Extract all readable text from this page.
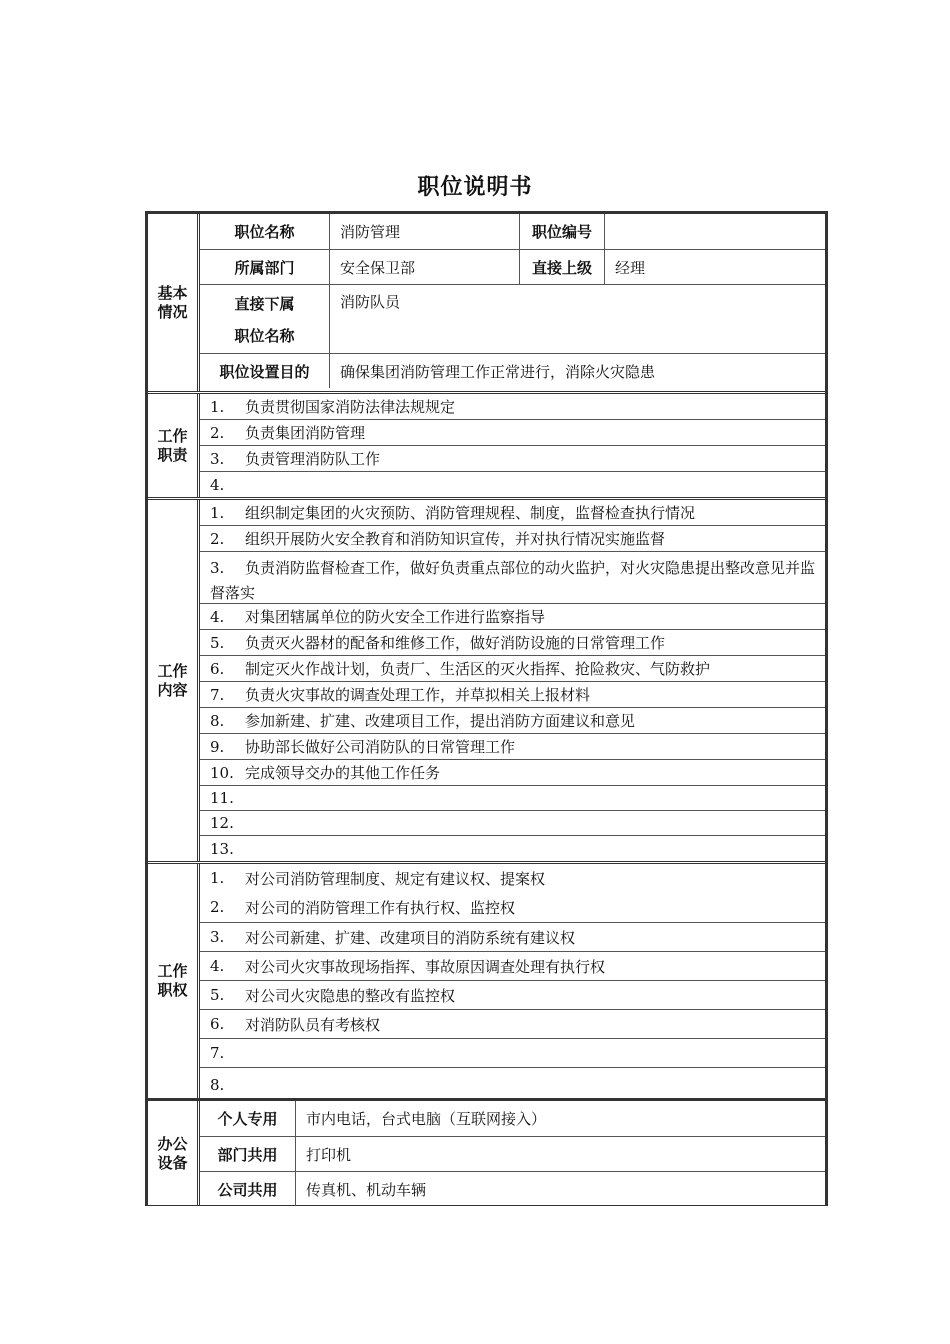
职位说明书
基本
情况
职位名称	消防管理	职位编号
所属部门	安全保卫部	直接上级	经理
直接下属
职位名称
消防队员
职位设置目的	确保集团消防管理工作正常进行，消除火灾隐患
工作
职责
1.	负责贯彻国家消防法律法规规定
2.	负责集团消防管理
3.	负责管理消防队工作
4.
工作
内容
1.	组织制定集团的火灾预防、消防管理规程、制度，监督检查执行情况
2.	组织开展防火安全教育和消防知识宣传，并对执行情况实施监督
3. 负责消防监督检查工作，做好负责重点部位的动火监护，对火灾隐患提出整改意见并监督落实
4.	对集团辖属单位的防火安全工作进行监察指导
5.	负责灭火器材的配备和维修工作，做好消防设施的日常管理工作
6.	制定灭火作战计划，负责厂、生活区的灭火指挥、抢险救灾、气防救护
7.	负责火灾事故的调查处理工作，并草拟相关上报材料
8.	参加新建、扩建、改建项目工作，提出消防方面建议和意见
9.	协助部长做好公司消防队的日常管理工作
10. 完成领导交办的其他工作任务
11.
12.
13.
工作
职权
1.	对公司消防管理制度、规定有建议权、提案权
2.	对公司的消防管理工作有执行权、监控权
3.	对公司新建、扩建、改建项目的消防系统有建议权
4.	对公司火灾事故现场指挥、事故原因调查处理有执行权
5.	对公司火灾隐患的整改有监控权
6.	对消防队员有考核权
7.
8.
办公
设备
个人专用	市内电话，台式电脑（互联网接入）
部门共用	打印机
公司共用	传真机、机动车辆
